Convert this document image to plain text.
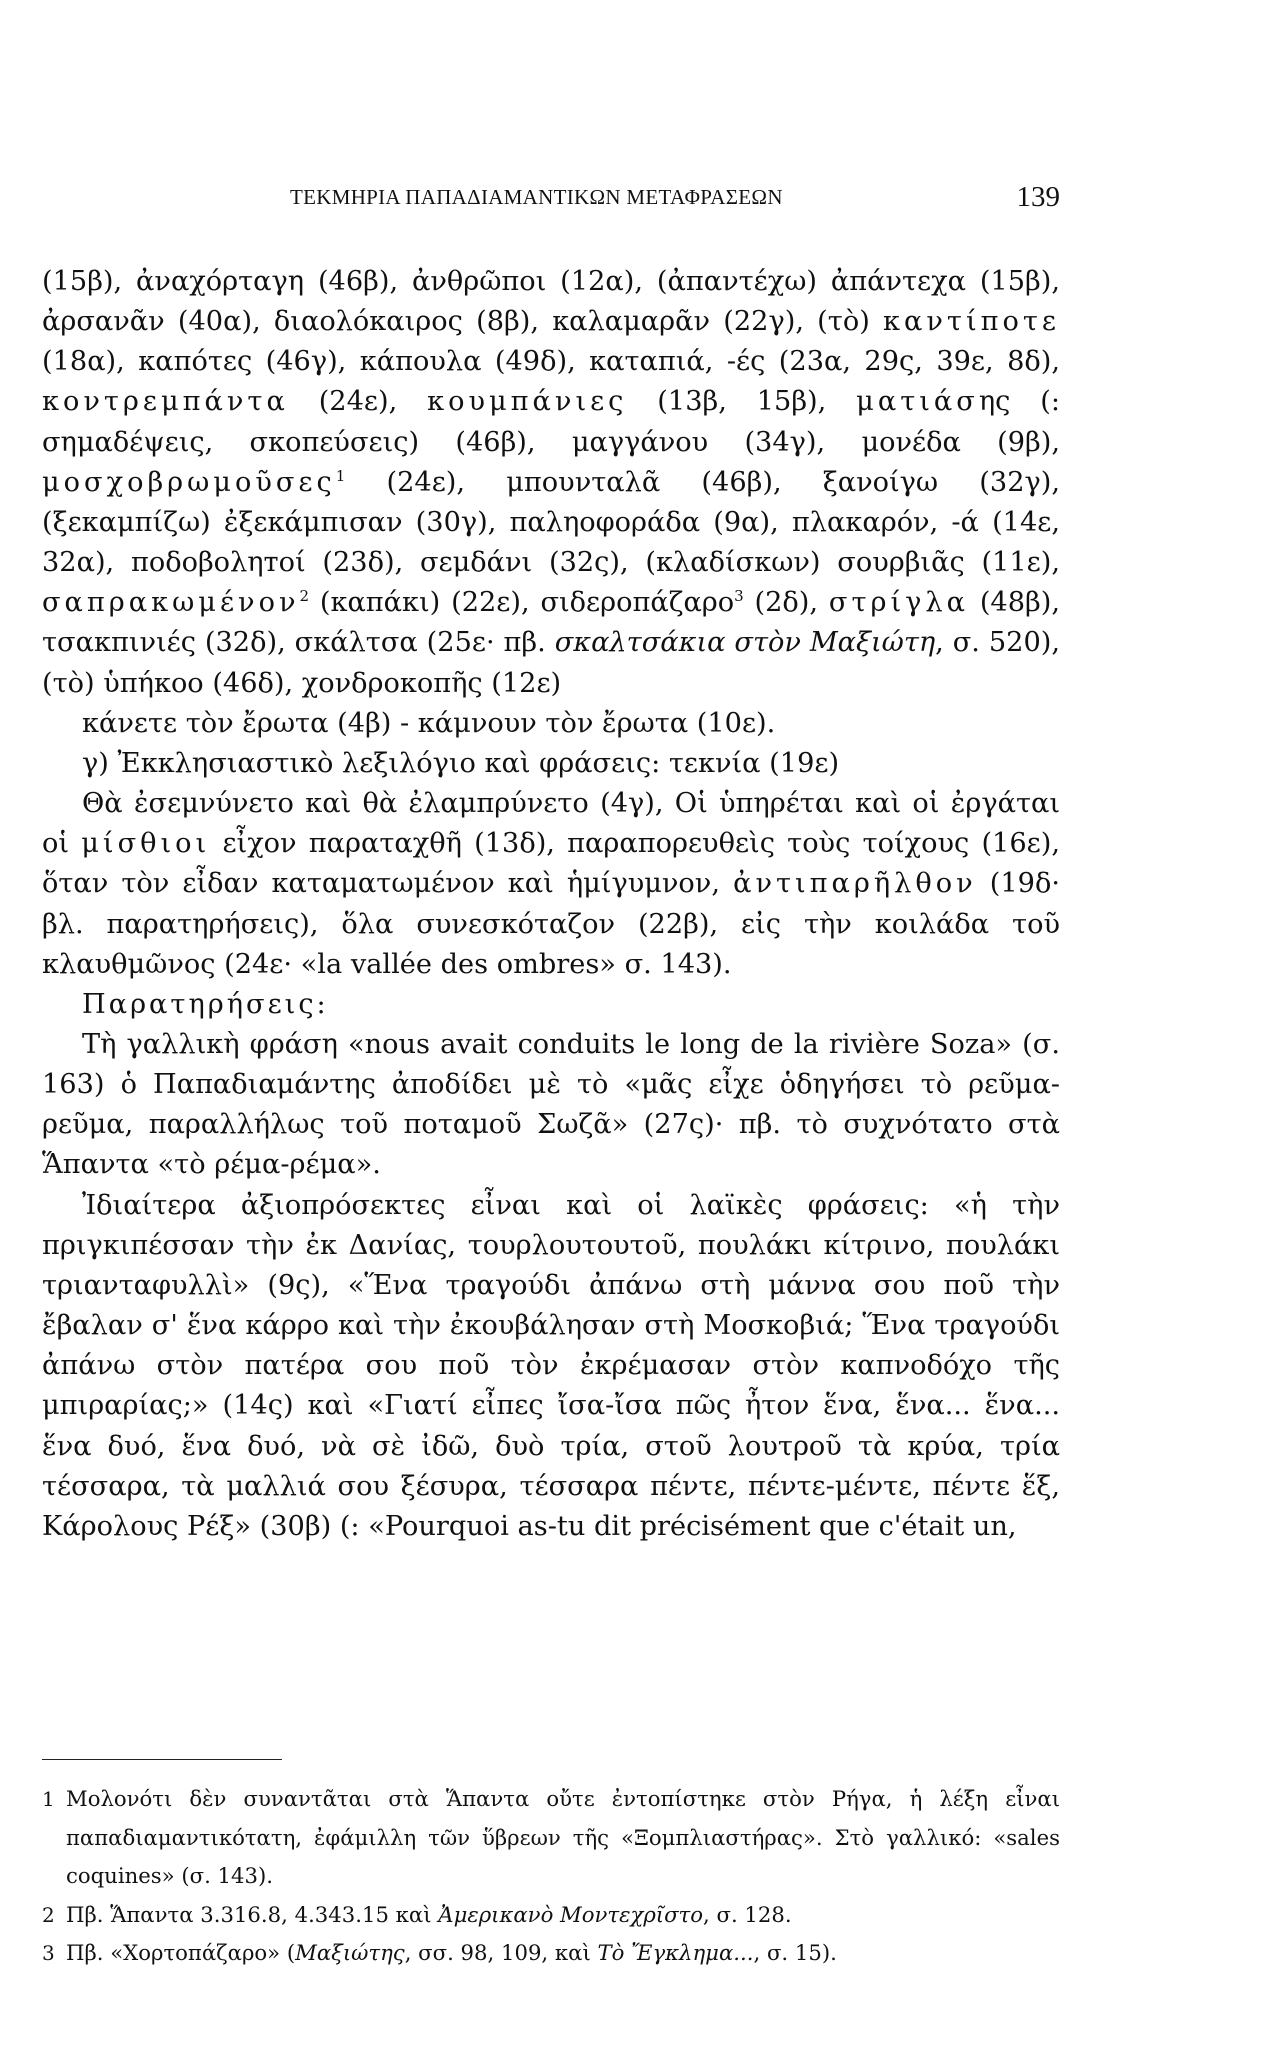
ΤΕΚΜΗΡΙΑ ΠΑΠΑΔΙΑΜΑΝΤΙΚΩΝ ΜΕΤΑΦΡΑΣΕΩΝ	139

(15β), ἀναχόρταγη (46β), ἀνθρῶποι (12α), (ἀπαντέχω) ἀπάντεχα (15β), ἀρσανᾶν (40α), διαολόκαιρος (8β), καλαμαρᾶν (22γ), (τὸ) καντίποτε (18α), καπότες (46γ), κάπουλα (49δ), καταπιά, -ές (23α, 29ς, 39ε, 8δ), κοντρεμπάντα (24ε), κουμπάνιες (13β, 15β), ματιάσης (: σημαδέψεις, σκοπεύσεις) (46β), μαγγάνου (34γ), μονέδα (9β), μοσχοβρωμοῦσες$^1$ (24ε), μπουνταλᾶ (46β), ξανοίγω (32γ), (ξεκαμπίζω) ἐξεκάμπισαν (30γ), παληοφοράδα (9α), πλακαρόν, -ά (14ε, 32α), ποδοβοληтοί (23δ), σεμδάνι (32ς), (κλαδίσκων) σουρβιᾶς (11ε), σαπρακωμένον$^2$ (καπάκι) (22ε), σιδεροπάζαρο$^3$ (2δ), στρίγλα (48β), τσακπινιές (32δ), σκάλτσα (25ε· πβ. σκαλτσάκια στὸν Μαξιώτη, σ. 520), (τὸ) ὑπήκοο (46δ), χονδροκοπῆς (12ε)

κάνετε τὸν ἔρωτα (4β) - κάμνουν τὸν ἔρωτα (10ε).

γ) Ἐκκλησιαστικὸ λεξιλόγιο καὶ φράσεις: τεκνία (19ε)

Θὰ ἐσεμνύνετο καὶ θὰ ἐλαμπρύνετο (4γ), Οἱ ὑπηρέται καὶ οἱ ἐργάται οἱ μίσθιοι εἶχον παραταχθῆ (13δ), παραπορευθεὶς τοὺς τοίχους (16ε), ὅταν τὸν εἶδαν καταματωμένον καὶ ἡμίγυμνον, ἀντιπαρῆλθον (19δ· βλ. παρατηρήσεις), ὅλα συνεσκόταζον (22β), εἰς τὴν κοιλάδα τοῦ κλαυθμῶνος (24ε· «la vallée des ombres» σ. 143).

Παρατηρήσεις:

Τὴ γαλλικὴ φράση «nous avait conduits le long de la rivière Soza» (σ. 163) ὁ Παπαδιαμάντης ἀποδίδει μὲ τὸ «μᾶς εἶχε ὁδηγήσει τὸ ρεῦμα-ρεῦμα, παραλλήλως τοῦ ποταμοῦ Σωζᾶ» (27ς)· πβ. τὸ συχνότατο στὰ Ἅπαντα «τὸ ρέμα-ρέμα».

Ἰδιαίτερα ἀξιοπρόσεκτες εἶναι καὶ οἱ λαϊκὲς φράσεις: «ἡ τὴν πριγκιπέσσαν τὴν ἐκ Δανίας, τουρλουτουτοῦ, πουλάκι κίτρινο, πουλάκι τριανταφυλλὶ» (9ς), «Ἕνα τραγούδι ἀπάνω στὴ μάννα σου ποῦ τὴν ἔβαλαν σ' ἕνα κάρρο καὶ τὴν ἐκουβάλησαν στὴ Μοσκοβιά; Ἕνα τραγούδι ἀπάνω στὸν πατέρα σου ποῦ τὸν ἐκρέμασαν στὸν καπνοδόχο τῆς μπιραρίας;» (14ς) καὶ «Γιατί εἶπες ἴσα-ἴσα πῶς ἦτον ἕνα, ἕνα... ἕνα... ἕνα δυό, ἕνα δυό, νὰ σὲ ἰδῶ, δυὸ τρία, στοῦ λουτροῦ τὰ κρύα, τρία τέσσαρα, τὰ μαλλιά σου ξέσυρα, τέσσαρα πέντε, πέντε-μέντε, πέντε ἕξ, Κάρολους Ρέξ» (30β) (: «Pourquoi as-tu dit précisément que c'était un,

1 Μολονότι δὲν συναντᾶται στὰ Ἅπαντα οὔτε ἐντοπίστηκε στὸν Ρήγα, ἡ λέξη εἶναι παπαδιαμαντικότατη, ἐφάμιλλη τῶν ὕβρεων τῆς «Ξομπλιαστήρας». Στὸ γαλλικό: «sales coquines» (σ. 143).

2 Πβ. Ἅπαντα 3.316.8, 4.343.15 καὶ Ἀμερικανὸ Μοντεχρῖστο, σ. 128.

3 Πβ. «Χορτοπάζαρο» (Μαξιώτης, σσ. 98, 109, καὶ Τὸ Ἔγκλημα..., σ. 15).
